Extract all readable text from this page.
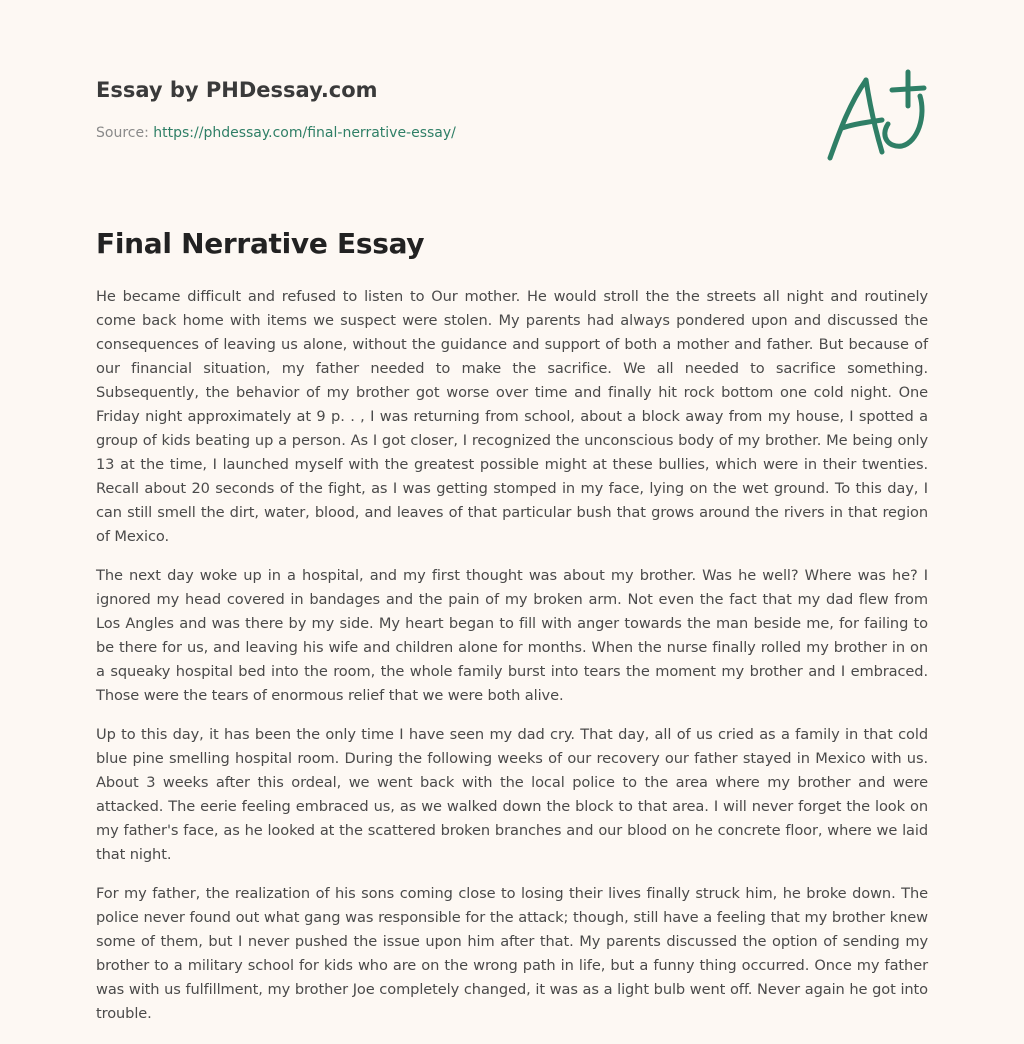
Essay by PHDessay.com
Source: https://phdessay.com/final-nerrative-essay/
Final Nerrative Essay

He became difficult and refused to listen to Our mother. He would stroll the the streets all night and routinely come back home with items we suspect were stolen. My parents had always pondered upon and discussed the consequences of leaving us alone, without the guidance and support of both a mother and father. But because of our financial situation, my father needed to make the sacrifice. We all needed to sacrifice something. Subsequently, the behavior of my brother got worse over time and finally hit rock bottom one cold night. One Friday night approximately at 9 p. . , I was returning from school, about a block away from my house, I spotted a group of kids beating up a person. As I got closer, I recognized the unconscious body of my brother. Me being only 13 at the time, I launched myself with the greatest possible might at these bullies, which were in their twenties. Recall about 20 seconds of the fight, as I was getting stomped in my face, lying on the wet ground. To this day, I can still smell the dirt, water, blood, and leaves of that particular bush that grows around the rivers in that region of Mexico.

The next day woke up in a hospital, and my first thought was about my brother. Was he well? Where was he? I ignored my head covered in bandages and the pain of my broken arm. Not even the fact that my dad flew from Los Angles and was there by my side. My heart began to fill with anger towards the man beside me, for failing to be there for us, and leaving his wife and children alone for months. When the nurse finally rolled my brother in on a squeaky hospital bed into the room, the whole family burst into tears the moment my brother and I embraced. Those were the tears of enormous relief that we were both alive.

Up to this day, it has been the only time I have seen my dad cry. That day, all of us cried as a family in that cold blue pine smelling hospital room. During the following weeks of our recovery our father stayed in Mexico with us. About 3 weeks after this ordeal, we went back with the local police to the area where my brother and were attacked. The eerie feeling embraced us, as we walked down the block to that area. I will never forget the look on my father's face, as he looked at the scattered broken branches and our blood on he concrete floor, where we laid that night.

For my father, the realization of his sons coming close to losing their lives finally struck him, he broke down. The police never found out what gang was responsible for the attack; though, still have a feeling that my brother knew some of them, but I never pushed the issue upon him after that. My parents discussed the option of sending my brother to a military school for kids who are on the wrong path in life, but a funny thing occurred. Once my father was with us fulfillment, my brother Joe completely changed, it was as a light bulb went off. Never again he got into trouble.
